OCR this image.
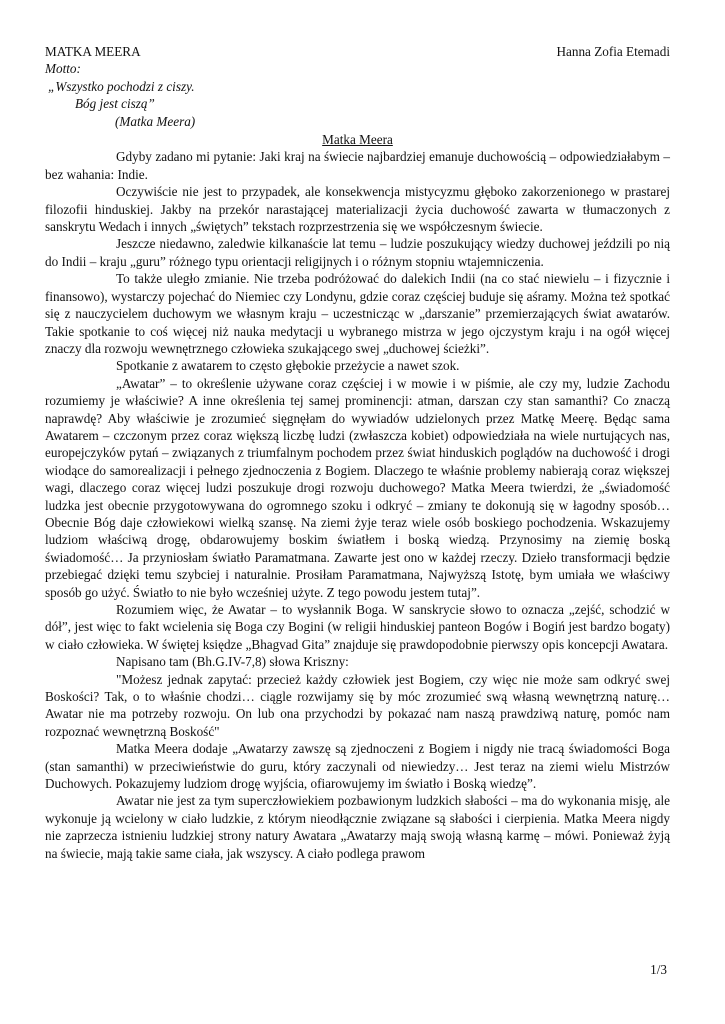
MATKA MEERA	Hanna Zofia Etemadi
Motto:
„Wszystko pochodzi z ciszy.
Bóg jest ciszą”
(Matka Meera)
Matka Meera

Gdyby zadano mi pytanie: Jaki kraj na świecie najbardziej emanuje duchowością – odpowiedziałabym – bez wahania: Indie.

Oczywiście nie jest to przypadek, ale konsekwencja mistycyzmu głęboko zakorzenionego w prastarej filozofii hinduskiej. Jakby na przekór narastającej materializacji życia duchowość zawarta w tłumaczonych z sanskrytu Wedach i innych „świętych” tekstach rozprzestrzenia się we współczesnym świecie.

Jeszcze niedawno, zaledwie kilkanaście lat temu – ludzie poszukujący wiedzy duchowej jeździli po nią do Indii – kraju „guru” różnego typu orientacji religijnych i o różnym stopniu wtajemniczenia.

To także uległo zmianie. Nie trzeba podróżować do dalekich Indii (na co stać niewielu – i fizycznie i finansowo), wystarczy pojechać do Niemiec czy Londynu, gdzie coraz częściej buduje się aśramy. Można też spotkać się z nauczycielem duchowym we własnym kraju – uczestnicząc w „darszanie” przemierzających świat awatarów. Takie spotkanie to coś więcej niż nauka medytacji u wybranego mistrza w jego ojczystym kraju i na ogół więcej znaczy dla rozwoju wewnętrznego człowieka szukającego swej „duchowej ścieżki”.

Spotkanie z awatarem to często głębokie przeżycie a nawet szok.

„Awatar” – to określenie używane coraz częściej i w mowie i w piśmie, ale czy my, ludzie Zachodu rozumiemy je właściwie? A inne określenia tej samej prominencji: atman, darszan czy stan samanthi? Co znaczą naprawdę? Aby właściwie je zrozumieć sięgnęłam do wywiadów udzielonych przez Matkę Meerę. Będąc sama Awatarem – czczonym przez coraz większą liczbę ludzi (zwłaszcza kobiet) odpowiedziała na wiele nurtujących nas, europejczyków pytań – związanych z triumfalnym pochodem przez świat hinduskich poglądów na duchowość i drogi wiodące do samorealizacji i pełnego zjednoczenia z Bogiem. Dlaczego te właśnie problemy nabierają coraz większej wagi, dlaczego coraz więcej ludzi poszukuje drogi rozwoju duchowego? Matka Meera twierdzi, że „świadomość ludzka jest obecnie przygotowywana do ogromnego szoku i odkryć – zmiany te dokonują się w łagodny sposób… Obecnie Bóg daje człowiekowi wielką szansę. Na ziemi żyje teraz wiele osób boskiego pochodzenia. Wskazujemy ludziom właściwą drogę, obdarowujemy boskim światłem i boską wiedzą. Przynosimy na ziemię boską świadomość… Ja przyniosłam światło Paramatmana. Zawarte jest ono w każdej rzeczy. Dzieło transformacji będzie przebiegać dzięki temu szybciej i naturalnie. Prosiłam Paramatmana, Najwyższą Istotę, bym umiała we właściwy sposób go użyć. Światło to nie było wcześniej użyte. Z tego powodu jestem tutaj”.

Rozumiem więc, że Awatar – to wysłannik Boga. W sanskrycie słowo to oznacza „zejść, schodzić w dół”, jest więc to fakt wcielenia się Boga czy Bogini (w religii hinduskiej panteon Bogów i Bogiń jest bardzo bogaty) w ciało człowieka. W świętej księdze „Bhagvad Gita” znajduje się prawdopodobnie pierwszy opis koncepcji Awatara.

Napisano tam (Bh.G.IV-7,8) słowa Kriszny:

"Możesz jednak zapytać: przecież każdy człowiek jest Bogiem, czy więc nie może sam odkryć swej Boskości? Tak, o to właśnie chodzi… ciągle rozwijamy się by móc zrozumieć swą własną wewnętrzną naturę… Awatar nie ma potrzeby rozwoju. On lub ona przychodzi by pokazać nam naszą prawdziwą naturę, pomóc nam rozpoznać wewnętrzną Boskość"

Matka Meera dodaje „Awatarzy zawszę są zjednoczeni z Bogiem i nigdy nie tracą świadomości Boga (stan samanthi) w przeciwieństwie do guru, który zaczynali od niewiedzy… Jest teraz na ziemi wielu Mistrzów Duchowych. Pokazujemy ludziom drogę wyjścia, ofiarowujemy im światło i Boską wiedzę”.

Awatar nie jest za tym superczłowiekiem pozbawionym ludzkich słabości – ma do wykonania misję, ale wykonuje ją wcielony w ciało ludzkie, z którym nieodłącznie związane są słabości i cierpienia. Matka Meera nigdy nie zaprzecza istnieniu ludzkiej strony natury Awatara „Awatarzy mają swoją własną karmę – mówi. Ponieważ żyją na świecie, mają takie same ciała, jak wszyscy. A ciało podlega prawom

1/3
